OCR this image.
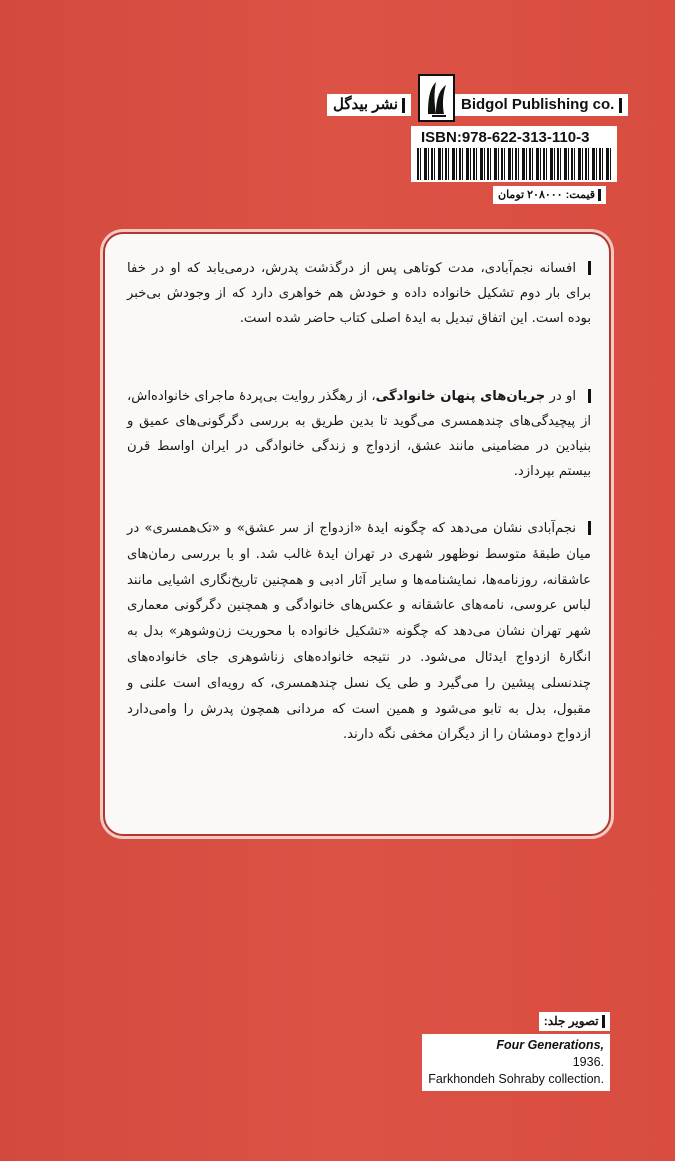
نشر بیدگل	Bidgol Publishing co.
ISBN:978-622-313-110-3
قیمت: ۲۰۸۰۰۰ تومان

افسانه نجم‌آبادی، مدت کوتاهی پس از درگذشت پدرش، درمی‌یابد که او در خفا برای بار دوم تشکیل خانواده داده و خودش هم خواهری دارد که از وجودش بی‌خبر بوده است. این اتفاق تبدیل به ایدهٔ اصلی کتاب حاضر شده است.

او در جریان‌های پنهان خانوادگی، از رهگذر روایت بی‌پردهٔ ماجرای خانواده‌اش، از پیچیدگی‌های چندهمسری می‌گوید تا بدین طریق به بررسی دگرگونی‌های عمیق و بنیادین در مضامینی مانند عشق، ازدواج و زندگی خانوادگی در ایران اواسط قرن بیستم بپردازد.

نجم‌آبادی نشان می‌دهد که چگونه ایدهٔ «ازدواج از سر عشق» و «تک‌همسری» در میان طبقهٔ متوسط نوظهور شهری در تهران ایدهٔ غالب شد. او با بررسی رمان‌های عاشقانه، روزنامه‌ها، نمایشنامه‌ها و سایر آثار ادبی و همچنین تاریخ‌نگاری اشیایی مانند لباس عروسی، نامه‌های عاشقانه و عکس‌های خانوادگی و همچنین دگرگونی معماری شهر تهران نشان می‌دهد که چگونه «تشکیل خانواده با محوریت زن‌وشوهر» بدل به انگارهٔ ازدواج ایدئال می‌شود. در نتیجه خانواده‌های زناشوهری جای خانواده‌های چندنسلی پیشین را می‌گیرد و طی یک نسل چندهمسری، که رویه‌ای است علنی و مقبول، بدل به تابو می‌شود و همین است که مردانی همچون پدرش را وامی‌دارد ازدواج دومشان را از دیگران مخفی نگه دارند.

تصویر جلد:
Four Generations,
1936.
Farkhondeh Sohraby collection.
